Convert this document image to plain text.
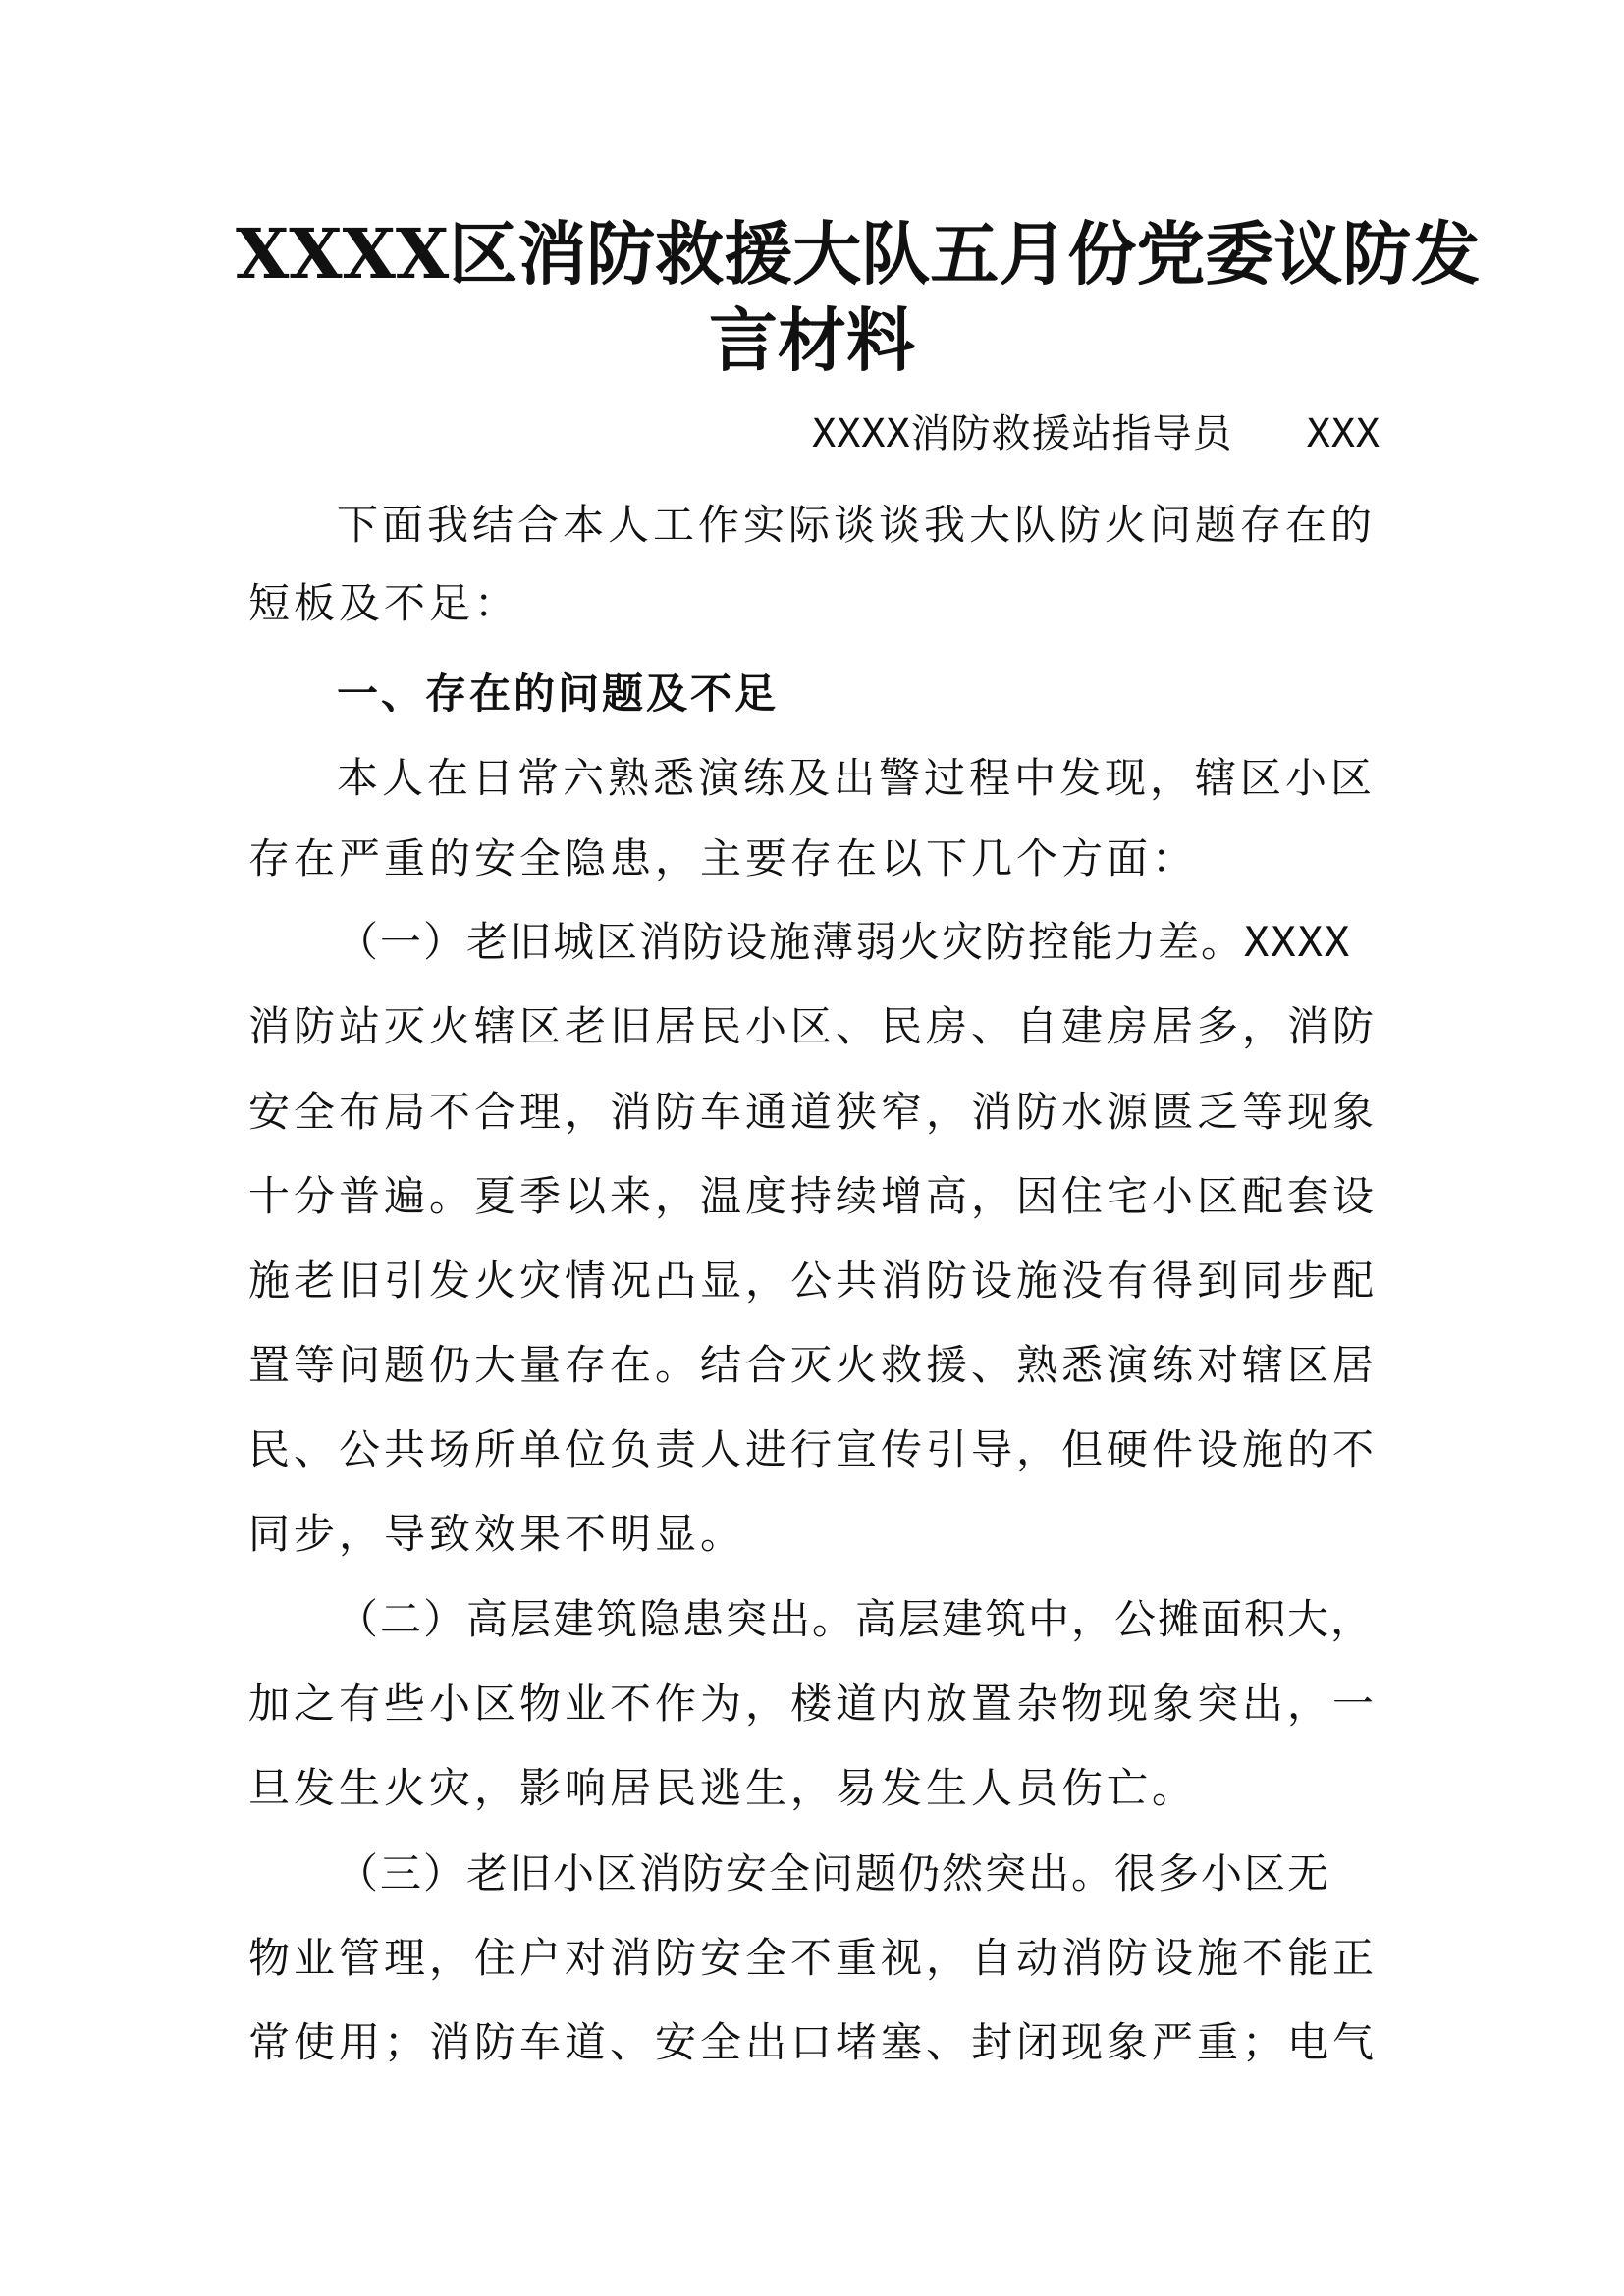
XXXX区消防救援大队五月份党委议防发
言材料
XXXX消防救援站指导员   XXX
下面我结合本人工作实际谈谈我大队防火问题存在的
短板及不足：
一、存在的问题及不足
本人在日常六熟悉演练及出警过程中发现，辖区小区
存在严重的安全隐患，主要存在以下几个方面：
（一）老旧城区消防设施薄弱火灾防控能力差。XXXX
消防站灭火辖区老旧居民小区、民房、自建房居多，消防
安全布局不合理，消防车通道狭窄，消防水源匮乏等现象
十分普遍。夏季以来，温度持续增高，因住宅小区配套设
施老旧引发火灾情况凸显，公共消防设施没有得到同步配
置等问题仍大量存在。结合灭火救援、熟悉演练对辖区居
民、公共场所单位负责人进行宣传引导，但硬件设施的不
同步，导致效果不明显。
（二）高层建筑隐患突出。高层建筑中，公摊面积大，
加之有些小区物业不作为，楼道内放置杂物现象突出，一
旦发生火灾，影响居民逃生，易发生人员伤亡。
（三）老旧小区消防安全问题仍然突出。很多小区无
物业管理，住户对消防安全不重视，自动消防设施不能正
常使用；消防车道、安全出口堵塞、封闭现象严重；电气
